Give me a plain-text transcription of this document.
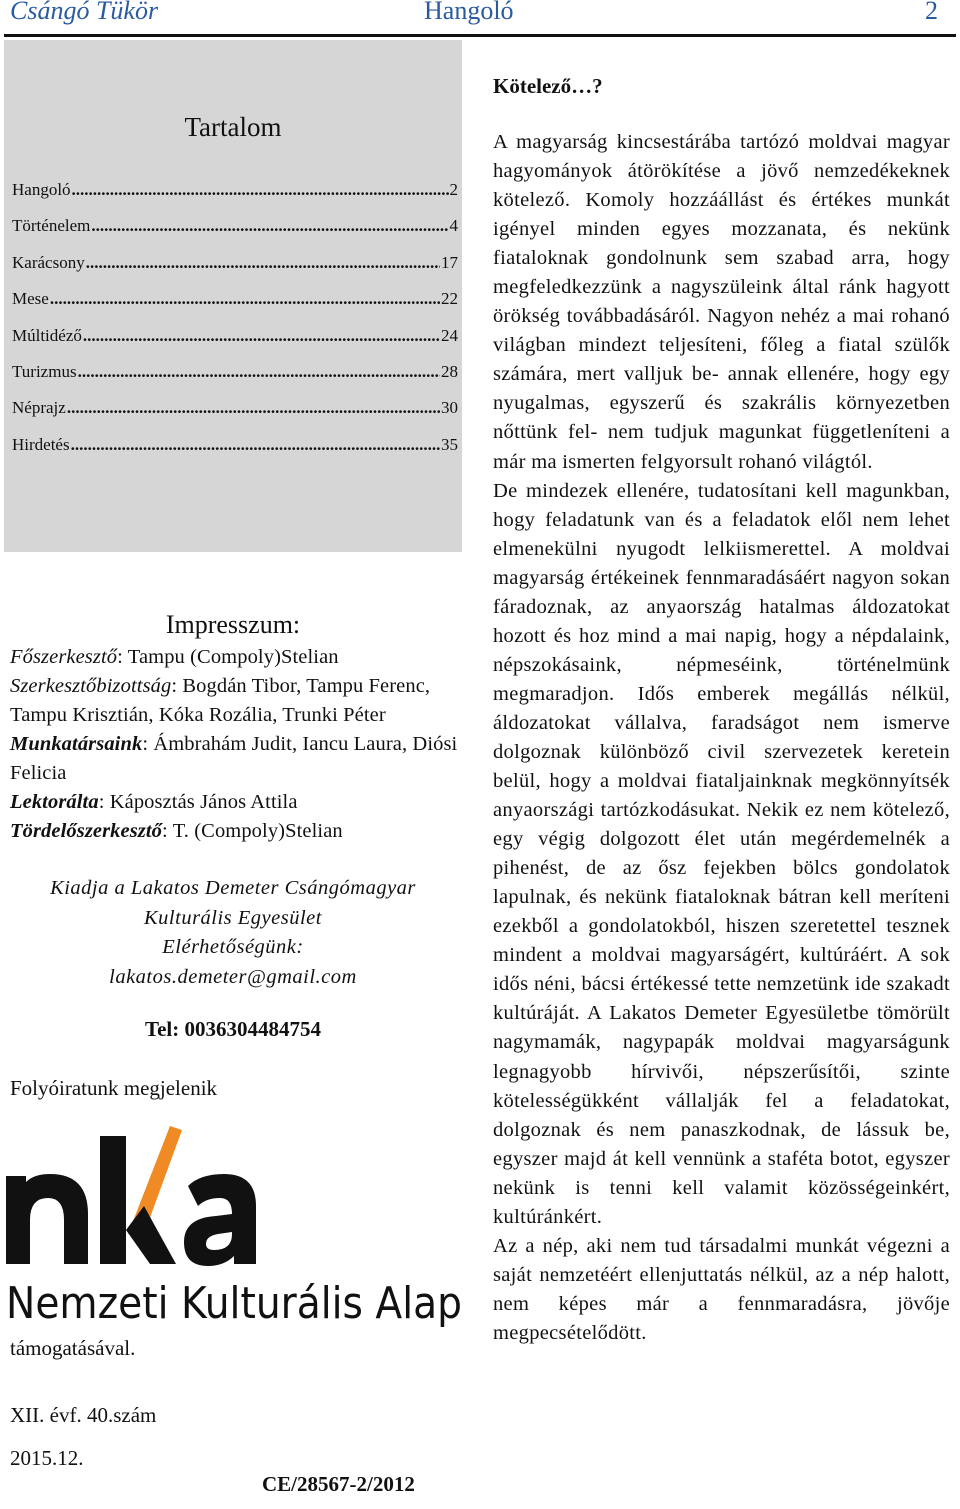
Csángó Tükör	Hangoló	2
Tartalom
Hangoló .....	2
Történelem .....	4
Karácsony .....	17
Mese .....	22
Múltidéző .....	24
Turizmus .....	28
Néprajz .....	30
Hirdetés .....	35
Impresszum:

Főszerkesztő: Tampu (Compoly)Stelian

Szerkesztőbizottság: Bogdán Tibor, Tampu Ferenc, Tampu Krisztián, Kóka Rozália, Trunki Péter

Munkatársaink: Ámbrahám Judit, Iancu Laura, Diósi Felicia

Lektorálta: Káposztás János Attila

Tördelőszerkesztő: T. (Compoly)Stelian

Kiadja a Lakatos Demeter Csángómagyar
Kulturális Egyesület
Elérhetőségünk:
lakatos.demeter@gmail.com
Tel: 0036304484754
Folyóiratunk megjelenik
Nemzeti Kulturális Alap
támogatásával.
XII. évf. 40.szám
2015.12.
CE/28567-2/2012
Kötelező…?

A magyarság kincsestárába tartózó moldvai magyar hagyományok átörökítése a jövő nemzedékeknek kötelező. Komoly hozzáállást és értékes munkát igényel minden egyes mozzanata, és nekünk fiataloknak gondolnunk sem szabad arra, hogy megfeledkezzünk a nagyszüleink által ránk hagyott örökség továbbadásáról. Nagyon nehéz a mai rohanó világban mindezt teljesíteni, főleg a fiatal szülők számára, mert valljuk be- annak ellenére, hogy egy nyugalmas, egyszerű és szakrális környezetben nőttünk fel- nem tudjuk magunkat függetleníteni a már ma ismerten felgyorsult rohanó világtól.

De mindezek ellenére, tudatosítani kell magunkban, hogy feladatunk van és a feladatok elől nem lehet elmenekülni nyugodt lelkiismerettel. A moldvai magyarság értékeinek fennmaradásáért nagyon sokan fáradoznak, az anyaország hatalmas áldozatokat hozott és hoz mind a mai napig, hogy a népdalaink, népszokásaink, népmeséink, történelmünk megmaradjon. Idős emberek megállás nélkül, áldozatokat vállalva, faradságot nem ismerve dolgoznak különböző civil szervezetek keretein belül, hogy a moldvai fiataljainknak megkönnyítsék anyaországi tartózkodásukat. Nekik ez nem kötelező, egy végig dolgozott élet után megérdemelnék a pihenést, de az ősz fejekben bölcs gondolatok lapulnak, és nekünk fiataloknak bátran kell meríteni ezekből a gondolatokból, hiszen szeretettel tesznek mindent a moldvai magyarságért, kultúráért. A sok idős néni, bácsi értékessé tette nemzetünk ide szakadt kultúráját. A Lakatos Demeter Egyesületbe tömörült nagymamák, nagypapák moldvai magyarságunk legnagyobb hírvivői, népszerűsítői, szinte kötelességükként vállalják fel a feladatokat, dolgoznak és nem panaszkodnak, de lássuk be, egyszer majd át kell vennünk a staféta botot, egyszer nekünk is tenni kell valamit közösségeinkért, kultúránkért.

Az a nép, aki nem tud társadalmi munkát végezni a saját nemzetéért ellenjuttatás nélkül, az a nép halott, nem képes már a fennmaradásra, jövője megpecsételődött.
